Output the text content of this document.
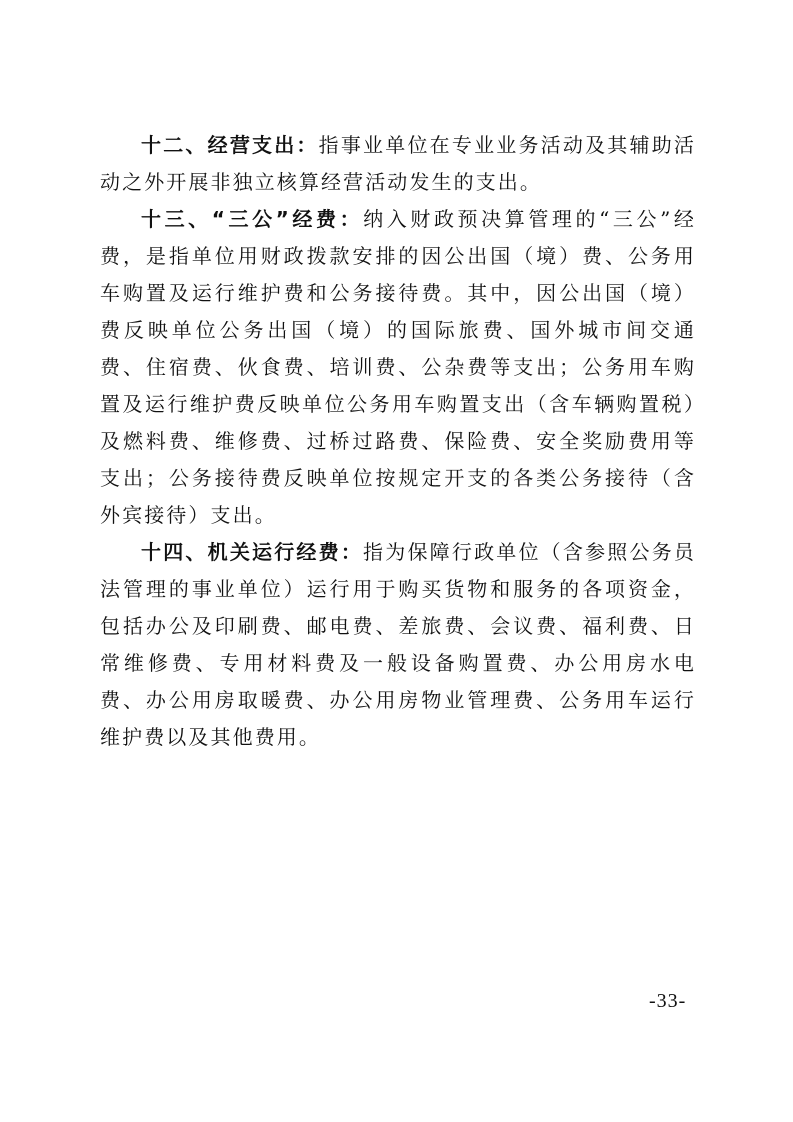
十二、经营支出：指事业单位在专业业务活动及其辅助活动之外开展非独立核算经营活动发生的支出。

十三、“三公”经费：纳入财政预决算管理的“三公”经费，是指单位用财政拨款安排的因公出国（境）费、公务用车购置及运行维护费和公务接待费。其中，因公出国（境）费反映单位公务出国（境）的国际旅费、国外城市间交通费、住宿费、伙食费、培训费、公杂费等支出；公务用车购置及运行维护费反映单位公务用车购置支出（含车辆购置税）及燃料费、维修费、过桥过路费、保险费、安全奖励费用等支出；公务接待费反映单位按规定开支的各类公务接待（含外宾接待）支出。

十四、机关运行经费：指为保障行政单位（含参照公务员法管理的事业单位）运行用于购买货物和服务的各项资金，包括办公及印刷费、邮电费、差旅费、会议费、福利费、日常维修费、专用材料费及一般设备购置费、办公用房水电费、办公用房取暖费、办公用房物业管理费、公务用车运行维护费以及其他费用。

-33-
